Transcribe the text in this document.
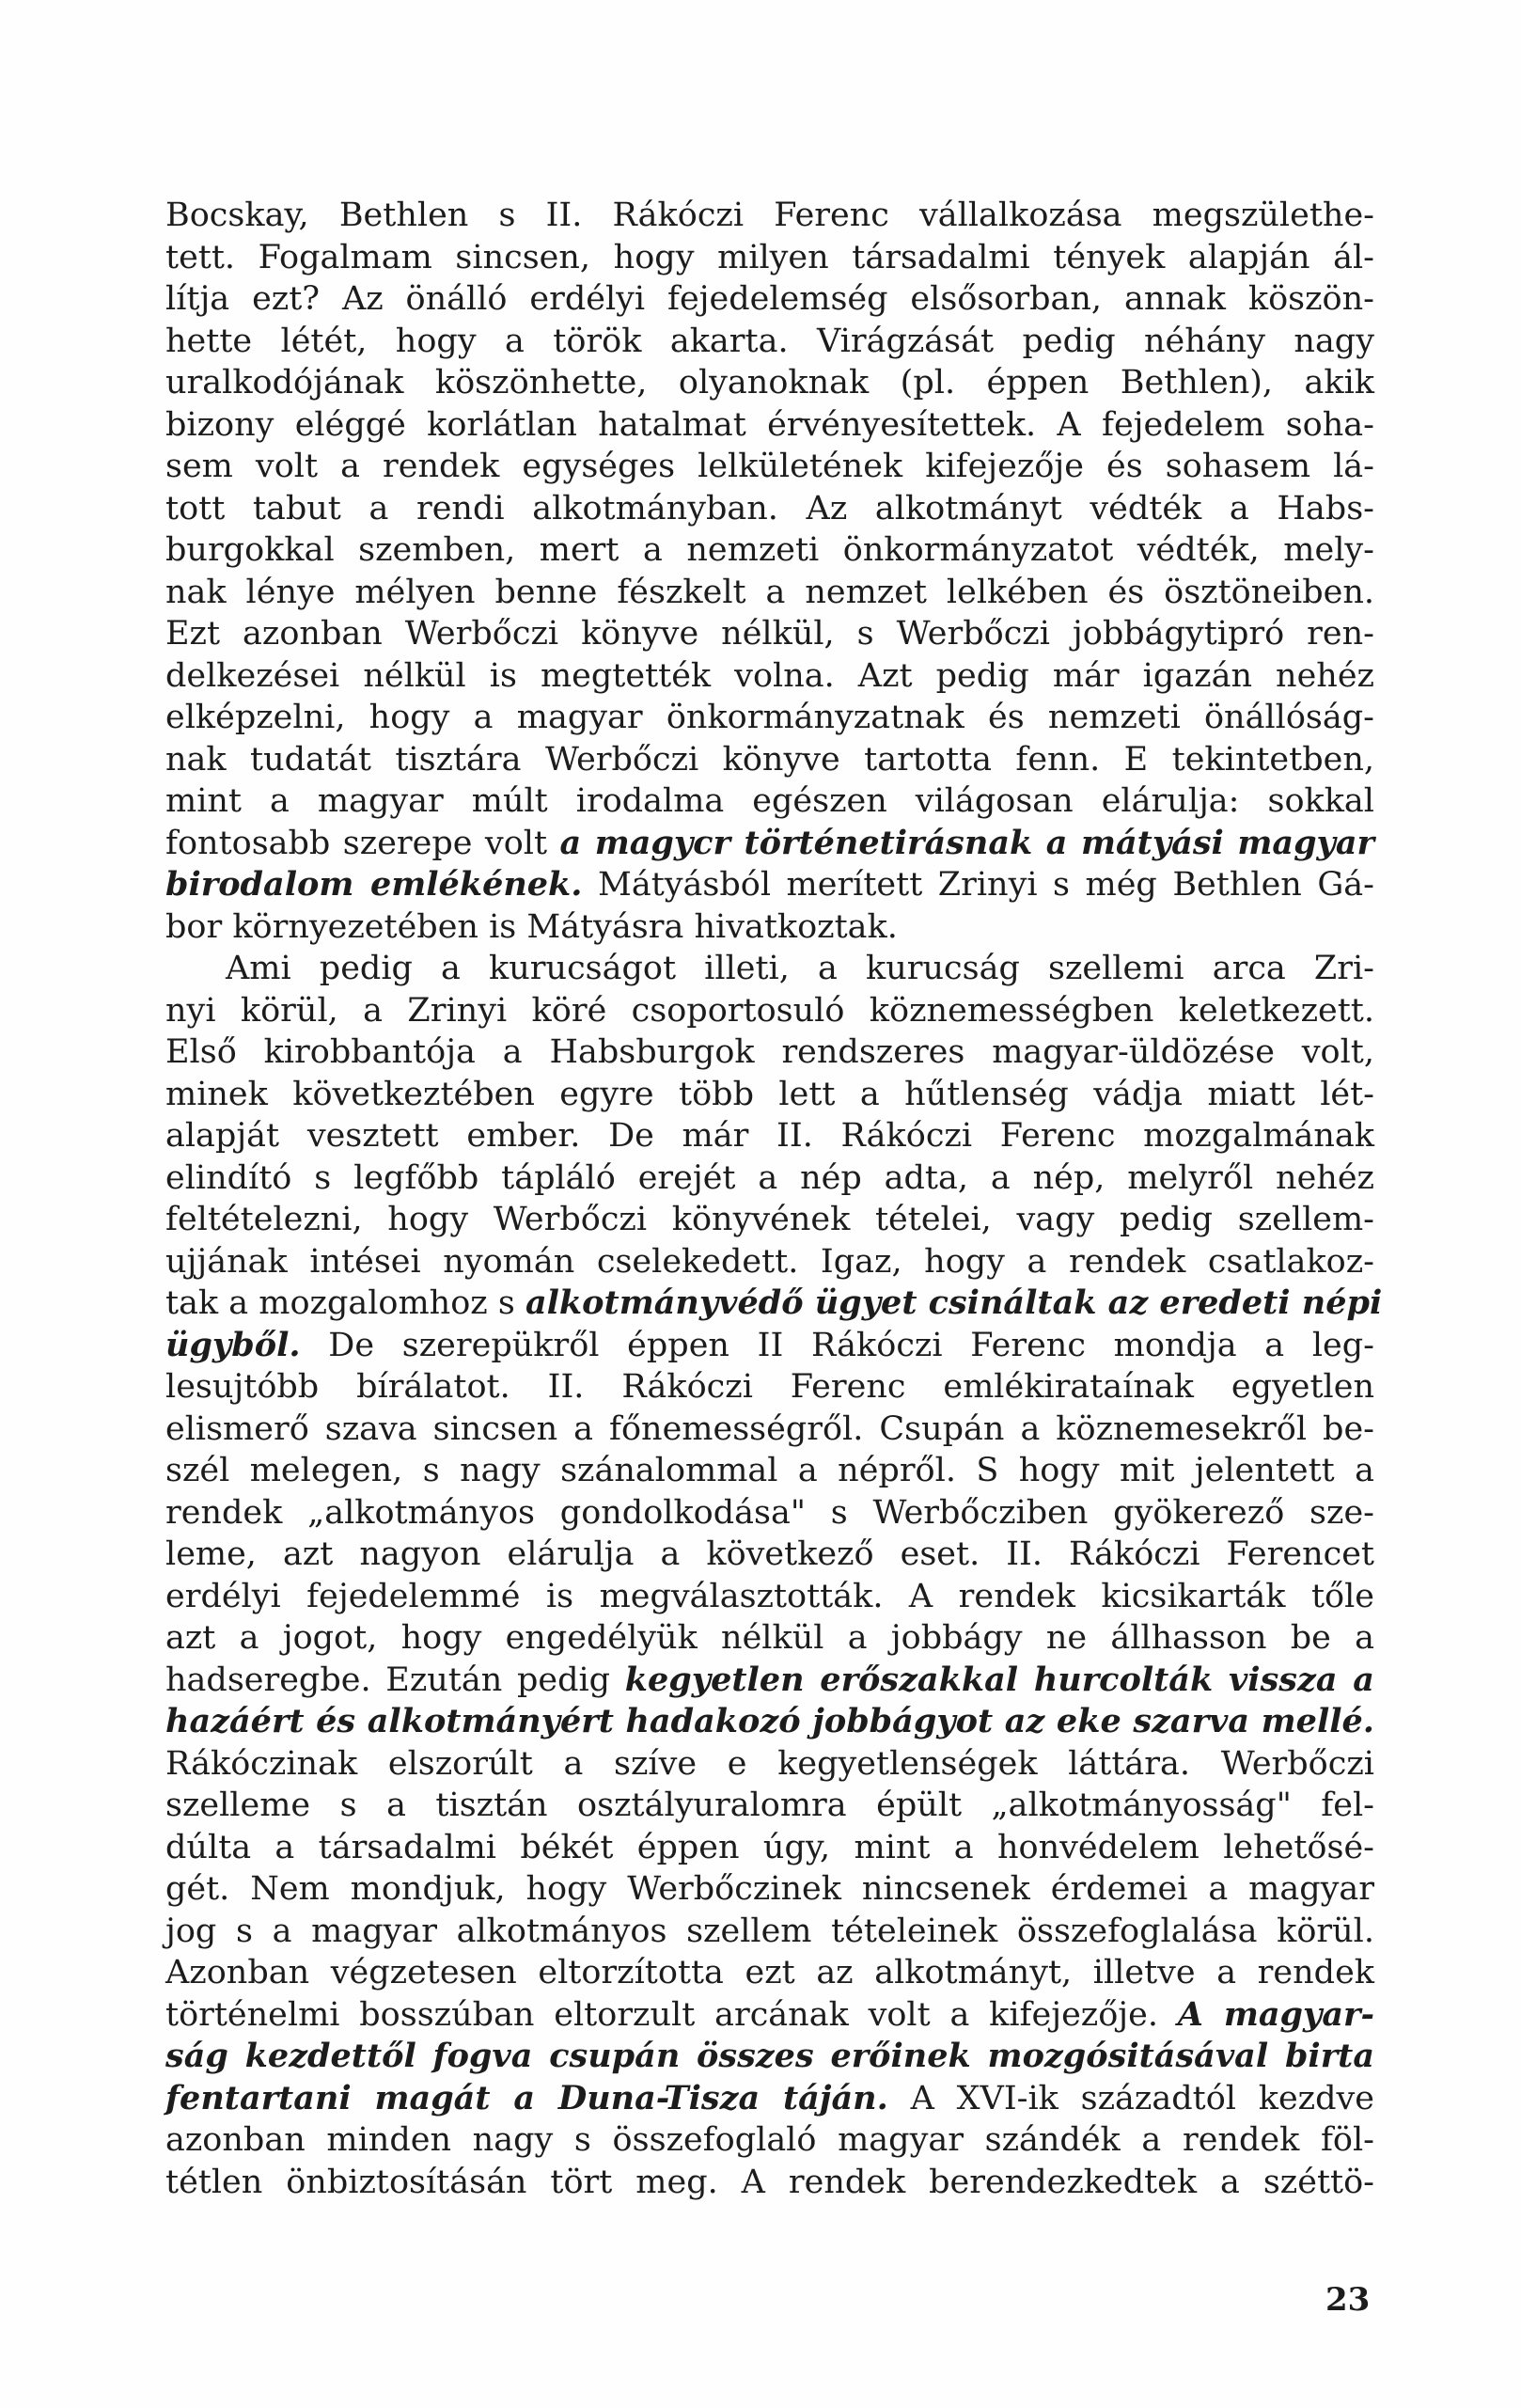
Bocskay, Bethlen s II. Rákóczi Ferenc vállalkozása megszülethe-
tett. Fogalmam sincsen, hogy milyen társadalmi tények alapján ál-
lítja ezt? Az önálló erdélyi fejedelemség elsősorban, annak köszön-
hette létét, hogy a török akarta. Virágzását pedig néhány nagy
uralkodójának köszönhette, olyanoknak (pl. éppen Bethlen), akik
bizony eléggé korlátlan hatalmat érvényesítettek. A fejedelem soha-
sem volt a rendek egységes lelkületének kifejezője és sohasem lá-
tott tabut a rendi alkotmányban. Az alkotmányt védték a Habs-
burgokkal szemben, mert a nemzeti önkormányzatot védték, mely-
nak lénye mélyen benne fészkelt a nemzet lelkében és ösztöneiben.
Ezt azonban Werbőczi könyve nélkül, s Werbőczi jobbágytipró ren-
delkezései nélkül is megtették volna. Azt pedig már igazán nehéz
elképzelni, hogy a magyar önkormányzatnak és nemzeti önállóság-
nak tudatát tisztára Werbőczi könyve tartotta fenn. E tekintetben,
mint a magyar múlt irodalma egészen világosan elárulja: sokkal
fontosabb szerepe volt a magycr történetirásnak a mátyási magyar
birodalom emlékének. Mátyásból merített Zrinyi s még Bethlen Gá-
bor környezetében is Mátyásra hivatkoztak.
Ami pedig a kurucságot illeti, a kurucság szellemi arca Zri-
nyi körül, a Zrinyi köré csoportosuló köznemességben keletkezett.
Első kirobbantója a Habsburgok rendszeres magyar-üldözése volt,
minek következtében egyre több lett a hűtlenség vádja miatt lét-
alapját vesztett ember. De már II. Rákóczi Ferenc mozgalmának
elindító s legfőbb tápláló erejét a nép adta, a nép, melyről nehéz
feltételezni, hogy Werbőczi könyvének tételei, vagy pedig szellem-
ujjának intései nyomán cselekedett. Igaz, hogy a rendek csatlakoz-
tak a mozgalomhoz s alkotmányvédő ügyet csináltak az eredeti népi
ügyből. De szerepükről éppen II Rákóczi Ferenc mondja a leg-
lesujtóbb bírálatot. II. Rákóczi Ferenc emlékirataínak egyetlen
elismerő szava sincsen a főnemességről. Csupán a köznemesekről be-
szél melegen, s nagy szánalommal a népről. S hogy mit jelentett a
rendek „alkotmányos gondolkodása" s Werbőcziben gyökerező sze-
leme, azt nagyon elárulja a következő eset. II. Rákóczi Ferencet
erdélyi fejedelemmé is megválasztották. A rendek kicsikarták tőle
azt a jogot, hogy engedélyük nélkül a jobbágy ne állhasson be a
hadseregbe. Ezután pedig kegyetlen erőszakkal hurcolták vissza a
hazáért és alkotmányért hadakozó jobbágyot az eke szarva mellé.
Rákóczinak elszorúlt a szíve e kegyetlenségek láttára. Werbőczi
szelleme s a tisztán osztályuralomra épült „alkotmányosság" fel-
dúlta a társadalmi békét éppen úgy, mint a honvédelem lehetősé-
gét. Nem mondjuk, hogy Werbőczinek nincsenek érdemei a magyar
jog s a magyar alkotmányos szellem tételeinek összefoglalása körül.
Azonban végzetesen eltorzította ezt az alkotmányt, illetve a rendek
történelmi bosszúban eltorzult arcának volt a kifejezője. A magyar-
ság kezdettől fogva csupán összes erőinek mozgósitásával birta
fentartani magát a Duna-Tisza táján. A XVI-ik századtól kezdve
azonban minden nagy s összefoglaló magyar szándék a rendek föl-
tétlen önbiztosításán tört meg. A rendek berendezkedtek a széttö-
23
